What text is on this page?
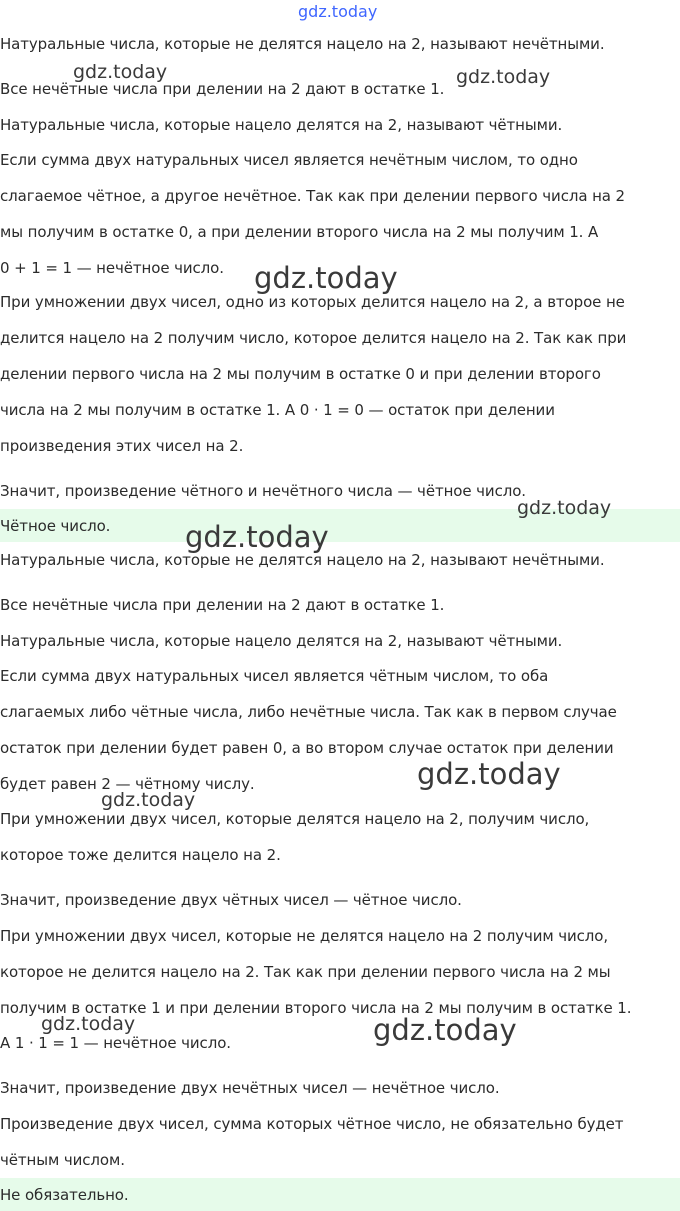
Чётное число.
Не обязательно.
Натуральные числа, которые не делятся нацело на 2, называют нечётными.
Все нечётные числа при делении на 2 дают в остатке 1.
Натуральные числа, которые нацело делятся на 2, называют чётными.
Если сумма двух натуральных чисел является нечётным числом, то одно
слагаемое чётное, а другое нечётное. Так как при делении первого числа на 2
мы получим в остатке 0, а при делении второго числа на 2 мы получим 1. А
0 + 1 = 1 — нечётное число.
При умножении двух чисел, одно из которых делится нацело на 2, а второе не
делится нацело на 2 получим число, которое делится нацело на 2. Так как при
делении первого числа на 2 мы получим в остатке 0 и при делении второго
числа на 2 мы получим в остатке 1. А 0 · 1 = 0 — остаток при делении
произведения этих чисел на 2.
Значит, произведение чётного и нечётного числа — чётное число.
Натуральные числа, которые не делятся нацело на 2, называют нечётными.
Все нечётные числа при делении на 2 дают в остатке 1.
Натуральные числа, которые нацело делятся на 2, называют чётными.
Если сумма двух натуральных чисел является чётным числом, то оба
слагаемых либо чётные числа, либо нечётные числа. Так как в первом случае
остаток при делении будет равен 0, а во втором случае остаток при делении
будет равен 2 — чётному числу.
При умножении двух чисел, которые делятся нацело на 2, получим число,
которое тоже делится нацело на 2.
Значит, произведение двух чётных чисел — чётное число.
При умножении двух чисел, которые не делятся нацело на 2 получим число,
которое не делится нацело на 2. Так как при делении первого числа на 2 мы
получим в остатке 1 и при делении второго числа на 2 мы получим в остатке 1.
А 1 · 1 = 1 — нечётное число.
Значит, произведение двух нечётных чисел — нечётное число.
Произведение двух чисел, сумма которых чётное число, не обязательно будет
чётным числом.
gdz.today
gdz.today	gdz.today
gdz.today
gdz.today
gdz.today
gdz.today
gdz.today
gdz.today	gdz.today
